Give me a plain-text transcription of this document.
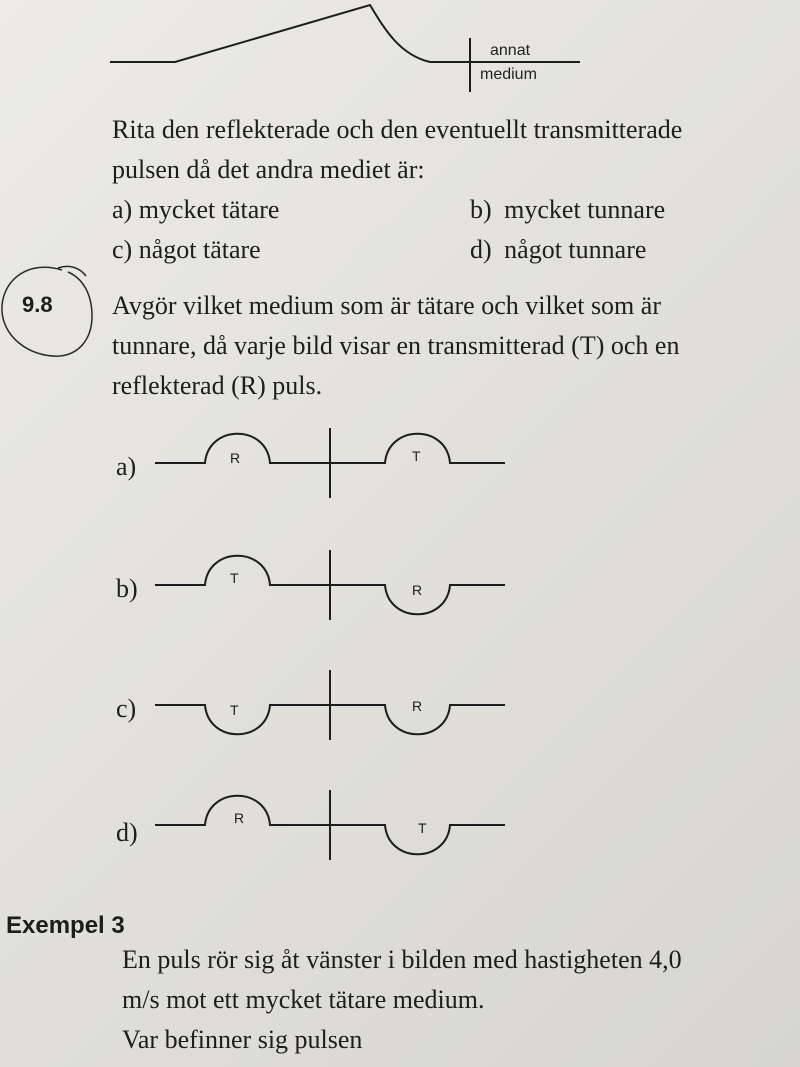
annat
medium
Rita den reflekterade och den eventuellt transmitterade
pulsen då det andra mediet är:
a) mycket tätare	b) mycket tunnare
c) något tätare	d) något tunnare
9.8 Avgör vilket medium som är tätare och vilket som är
tunnare, då varje bild visar en transmitterad (T) och en
reflekterad (R) puls.
a)	R	T
b)	T
R
c)	T	R
d)	R
T
Exempel 3
En puls rör sig åt vänster i bilden med hastigheten 4,0
m/s mot ett mycket tätare medium.
Var befinner sig pulsen
